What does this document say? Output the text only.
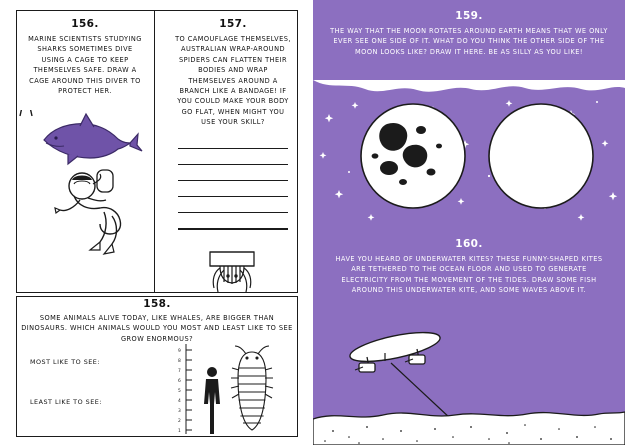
156.
MARINE SCIENTISTS STUDYING SHARKS SOMETIMES DIVE USING A CAGE TO KEEP THEMSELVES SAFE. DRAW A CAGE AROUND THIS DIVER TO PROTECT HER.
157.
TO CAMOUFLAGE THEMSELVES, AUSTRALIAN WRAP-AROUND SPIDERS CAN FLATTEN THEIR BODIES AND WRAP THEMSELVES AROUND A BRANCH LIKE A BANDAGE! IF YOU COULD MAKE YOUR BODY GO FLAT, WHEN MIGHT YOU USE YOUR SKILL?
158.
SOME ANIMALS ALIVE TODAY, LIKE WHALES, ARE BIGGER THAN DINOSAURS. WHICH ANIMALS WOULD YOU MOST AND LEAST LIKE TO SEE GROW ENORMOUS?
MOST LIKE TO SEE:
LEAST LIKE TO SEE:
9
8
7
6
5
4
3
2
1
159.
THE WAY THAT THE MOON ROTATES AROUND EARTH MEANS THAT WE ONLY EVER SEE ONE SIDE OF IT. WHAT DO YOU THINK THE OTHER SIDE OF THE MOON LOOKS LIKE? DRAW IT HERE. BE AS SILLY AS YOU LIKE!
160.
HAVE YOU HEARD OF UNDERWATER KITES? THESE FUNNY-SHAPED KITES ARE TETHERED TO THE OCEAN FLOOR AND USED TO GENERATE ELECTRICITY FROM THE MOVEMENT OF THE TIDES. DRAW SOME FISH AROUND THIS UNDERWATER KITE, AND SOME WAVES ABOVE IT.
